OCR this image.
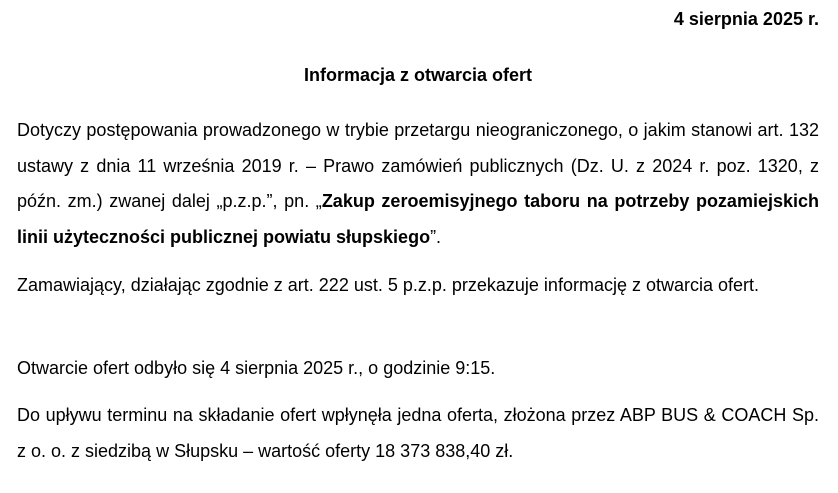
4 sierpnia 2025 r.
Informacja z otwarcia ofert
Dotyczy postępowania prowadzonego w trybie przetargu nieograniczonego, o jakim stanowi art. 132 ustawy z dnia 11 września 2019 r. – Prawo zamówień publicznych (Dz. U. z 2024 r. poz. 1320, z późn. zm.) zwanej dalej „p.z.p.”, pn. „Zakup zeroemisyjnego taboru na potrzeby pozamiejskich linii użyteczności publicznej powiatu słupskiego”.
Zamawiający, działając zgodnie z art. 222 ust. 5 p.z.p. przekazuje informację z otwarcia ofert.
Otwarcie ofert odbyło się 4 sierpnia 2025 r., o godzinie 9:15.
Do upływu terminu na składanie ofert wpłynęła jedna oferta, złożona przez ABP BUS & COACH Sp. z o. o. z siedzibą w Słupsku – wartość oferty 18 373 838,40 zł.
